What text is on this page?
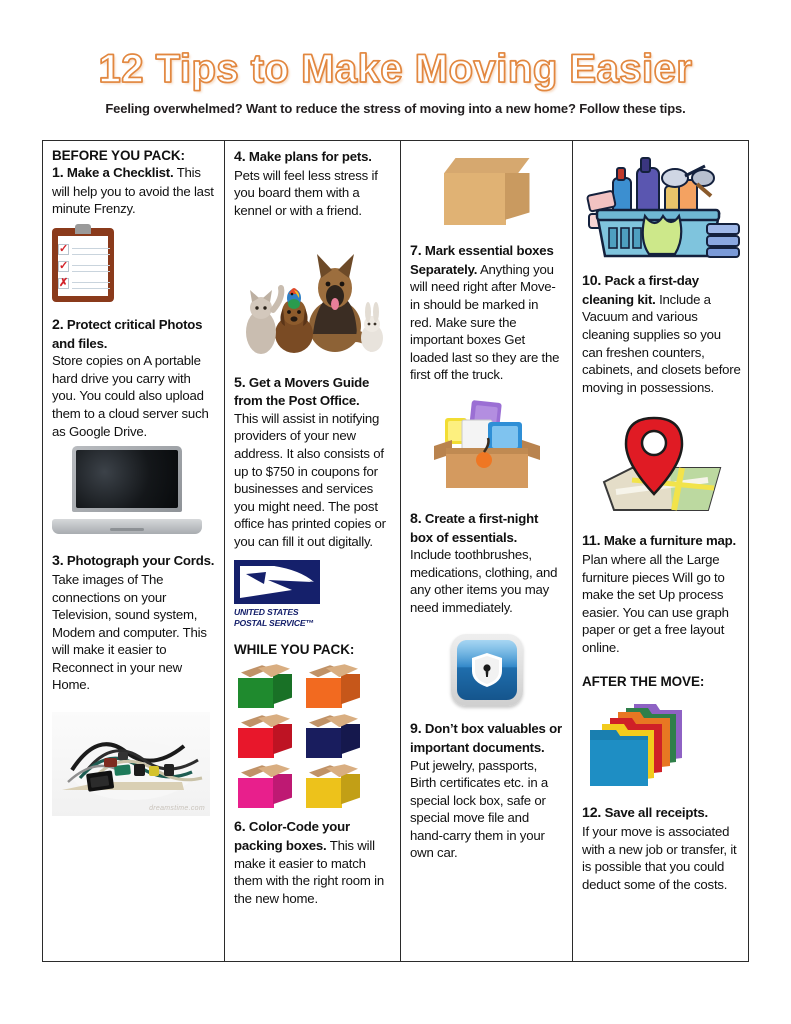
12 Tips to Make Moving Easier
Feeling overwhelmed? Want to reduce the stress of moving into a new home? Follow these tips.
BEFORE YOU PACK:
1. Make a Checklist. This will help you to avoid the last minute Frenzy.
✓
✓
✗
2. Protect critical Photos and files.
Store copies on A portable hard drive you carry with you. You could also upload them to a cloud server such as Google Drive.
3. Photograph your Cords. Take images of The connections on your Television, sound system, Modem and computer. This will make it easier to Reconnect in your new Home.
dreamstime.com
4. Make plans for pets.
Pets will feel less stress if you board them with a kennel or with a friend.
5. Get a Movers Guide from the Post Office.
This will assist in notifying providers of your new address. It also consists of up to $750 in coupons for businesses and services you might need. The post office has printed copies or you can fill it out digitally.
UNITED STATES
POSTAL SERVICE™
WHILE YOU PACK:
6. Color-Code your packing boxes. This will make it easier to match them with the right room in the new home.
7. Mark essential boxes Separately. Anything you will need right after Move-in should be marked in red. Make sure the important boxes Get loaded last so they are the first off the truck.
8. Create a first-night box of essentials.
Include toothbrushes, medications, clothing, and any other items you may need immediately.
9. Don’t box valuables or important documents.
Put jewelry, passports, Birth certificates etc. in a special lock box, safe or special move file and hand-carry them in your own car.
10. Pack a first-day cleaning kit. Include a Vacuum and various cleaning supplies so you can freshen counters, cabinets, and closets before moving in possessions.
11. Make a furniture map. Plan where all the Large furniture pieces Will go to make the set Up process easier. You can use graph paper or get a free layout online.
AFTER THE MOVE:
12. Save all receipts.
If your move is associated with a new job or transfer, it is possible that you could deduct some of the costs.
